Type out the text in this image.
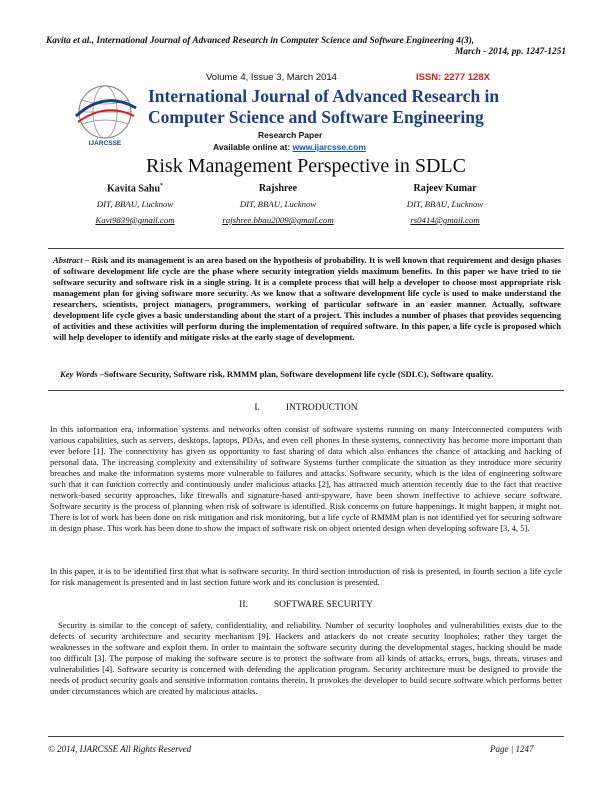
Kavita et al., International Journal of Advanced Research in Computer Science and Software Engineering 4(3),
March - 2014, pp. 1247-1251
IJARCSSE
Volume 4, Issue 3, March 2014	ISSN: 2277 128X
International Journal of Advanced Research in
Computer Science and Software Engineering
Research Paper
Available online at: www.ijarcsse.com
Risk Management Perspective in SDLC
Kavita Sahu*
DIT, BBAU, Lucknow
Kavi9839@gmail.com
Rajshree
DIT, BBAU, Lucknow
rajshree.bbau2009@gmail.com
Rajeev Kumar
DIT, BBAU, Lucknow
rs0414@gmail.com
Abstract – Risk and its management is an area based on the hypothesis of probability. It is well known that requirement and design phases of software development life cycle are the phase where security integration yields maximum benefits. In this paper we have tried to tie software security and software risk in a single string. It is a complete process that will help a developer to choose most appropriate risk management plan for giving software more security. As we know that a software development life cycle is used to make understand the researchers, scientists, project managers, programmers, working of particular software in an easier manner. Actually, software development life cycle gives a basic understanding about the start of a project. This includes a number of phases that provides sequencing of activities and these activities will perform during the implementation of required software. In this paper, a life cycle is proposed which will help developer to identify and mitigate risks at the early stage of development.
Key Words –Software Security, Software risk, RMMM plan, Software development life cycle (SDLC), Software quality.
I.	INTRODUCTION
In this information era, information systems and networks often consist of software systems running on many Interconnected computers with various capabilities, such as servers, desktops, laptops, PDAs, and even cell phones In these systems, connectivity has become more important than ever before [1]. The connectivity has given us opportunity to fast sharing of data which also enhances the chance of attacking and hacking of personal data. The increasing complexity and extensibility of software Systems further complicate the situation as they introduce more security breaches and make the information systems more vulnerable to failures and attacks. Software security, which is the idea of engineering software such that it can function correctly and continuously under malicious attacks [2], has attracted much attention recently due to the fact that reactive network-based security approaches, like firewalls and signature-based anti-spyware, have been shown ineffective to achieve secure software. Software security is the process of planning when risk of software is identified. Risk concerns on future happenings. It might happen, it might not. There is lot of work has been done on risk mitigation and risk monitoring, but a life cycle of RMMM plan is not identified yet for securing software in design phase. This work has been done to show the impact of software risk on object oriented design when developing software [3, 4, 5].
In this paper, it is to be identified first that what is software security. In third section introduction of risk is presented, in fourth section a life cycle for risk management is presented and in last section future work and its conclusion is presented.
II.	SOFTWARE SECURITY
Security is similar to the concept of safety, confidentiality, and reliability. Number of security loopholes and vulnerabilities exists due to the defects of security architecture and security mechanism [9]. Hackers and attackers do not create security loopholes; rather they target the weaknesses in the software and exploit them. In order to maintain the software security during the developmental stages, hacking should be made too difficult [3]. The purpose of making the software secure is to protect the software from all kinds of attacks, errors, bugs, threats, viruses and vulnerabilities [4]. Software security is concerned with defending the application program. Security architecture must be designed to provide the needs of product security goals and sensitive information contains therein. It provokes the developer to build secure software which performs better under circumstances which are created by malicious attacks.
© 2014, IJARCSSE All Rights Reserved	Page | 1247
